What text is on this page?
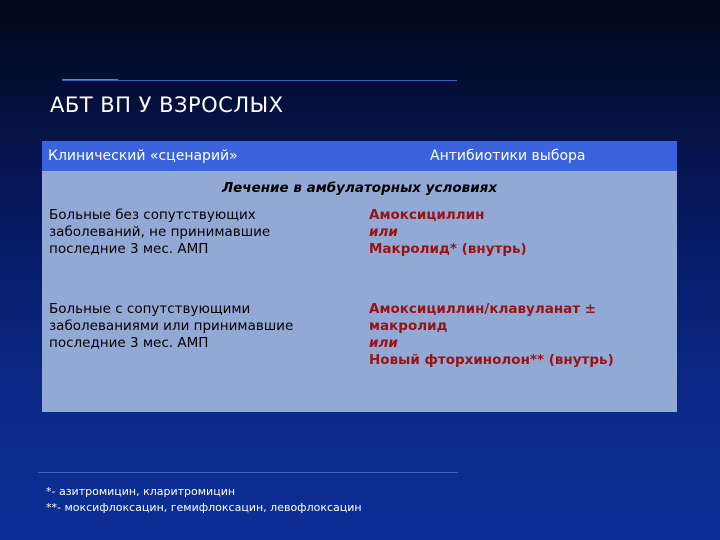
АБТ ВП У ВЗРОСЛЫХ
Клинический «сценарий»	Антибиотики выбора
Лечение в амбулаторных условиях
Больные без сопутствующих
заболеваний, не принимавшие
последние 3 мес. АМП
Амоксициллин
или
Макролид* (внутрь)
Больные с сопутствующими
заболеваниями или принимавшие
последние 3 мес. АМП
Амоксициллин/клавуланат ±
макролид
или
Новый фторхинолон** (внутрь)
*- азитромицин, кларитромицин
**- моксифлоксацин, гемифлоксацин, левофлоксацин
